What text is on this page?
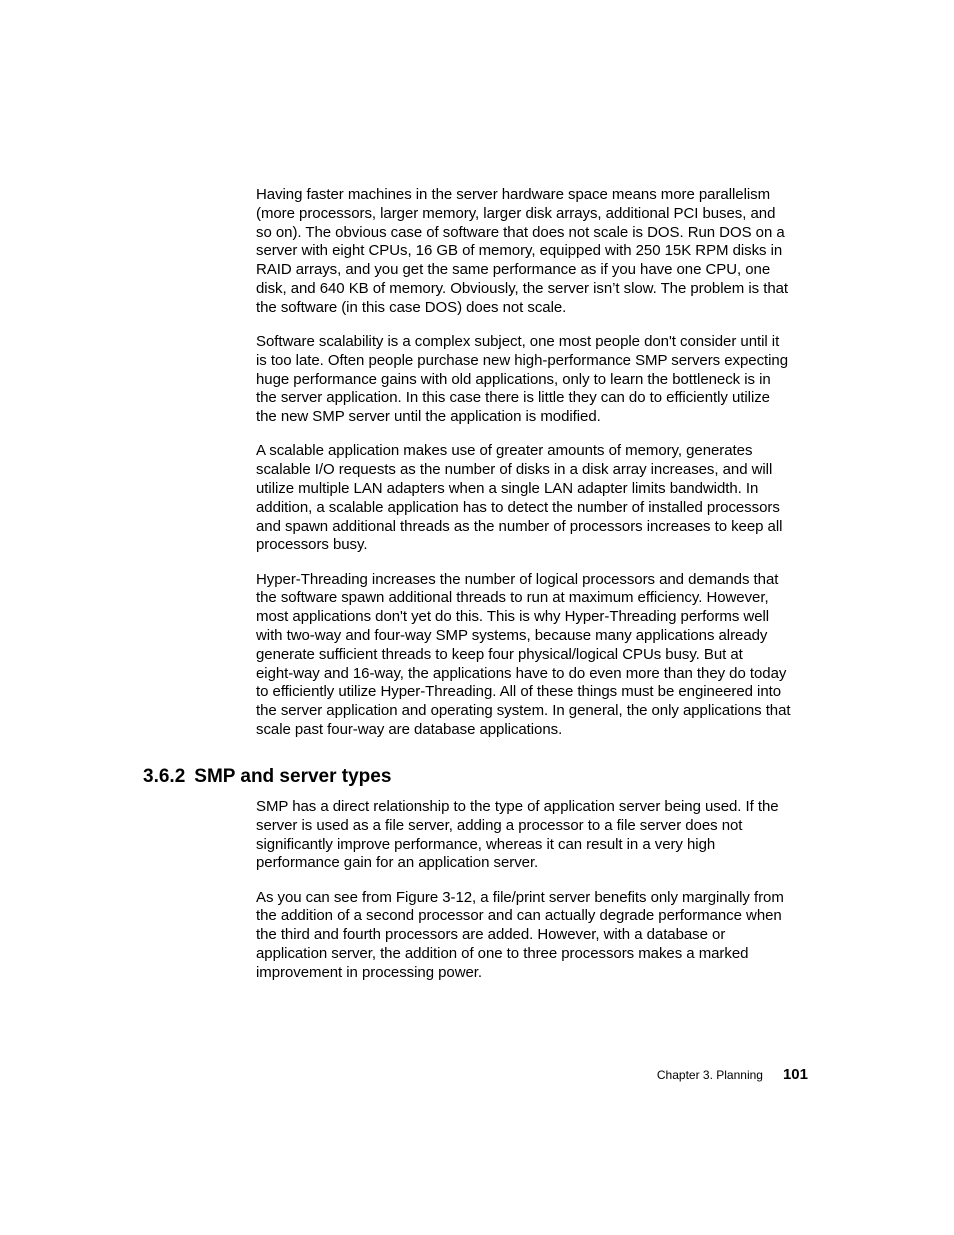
Having faster machines in the server hardware space means more parallelism
(more processors, larger memory, larger disk arrays, additional PCI buses, and
so on). The obvious case of software that does not scale is DOS. Run DOS on a
server with eight CPUs, 16 GB of memory, equipped with 250 15K RPM disks in
RAID arrays, and you get the same performance as if you have one CPU, one
disk, and 640 KB of memory. Obviously, the server isn’t slow. The problem is that
the software (in this case DOS) does not scale.

Software scalability is a complex subject, one most people don't consider until it
is too late. Often people purchase new high-performance SMP servers expecting
huge performance gains with old applications, only to learn the bottleneck is in
the server application. In this case there is little they can do to efficiently utilize
the new SMP server until the application is modified.

A scalable application makes use of greater amounts of memory, generates
scalable I/O requests as the number of disks in a disk array increases, and will
utilize multiple LAN adapters when a single LAN adapter limits bandwidth. In
addition, a scalable application has to detect the number of installed processors
and spawn additional threads as the number of processors increases to keep all
processors busy.

Hyper-Threading increases the number of logical processors and demands that
the software spawn additional threads to run at maximum efficiency. However,
most applications don't yet do this. This is why Hyper-Threading performs well
with two-way and four-way SMP systems, because many applications already
generate sufficient threads to keep four physical/logical CPUs busy. But at
eight-way and 16-way, the applications have to do even more than they do today
to efficiently utilize Hyper-Threading. All of these things must be engineered into
the server application and operating system. In general, the only applications that
scale past four-way are database applications.

3.6.2 SMP and server types

SMP has a direct relationship to the type of application server being used. If the
server is used as a file server, adding a processor to a file server does not
significantly improve performance, whereas it can result in a very high
performance gain for an application server.

As you can see from Figure 3-12, a file/print server benefits only marginally from
the addition of a second processor and can actually degrade performance when
the third and fourth processors are added. However, with a database or
application server, the addition of one to three processors makes a marked
improvement in processing power.

Chapter 3. Planning 101
